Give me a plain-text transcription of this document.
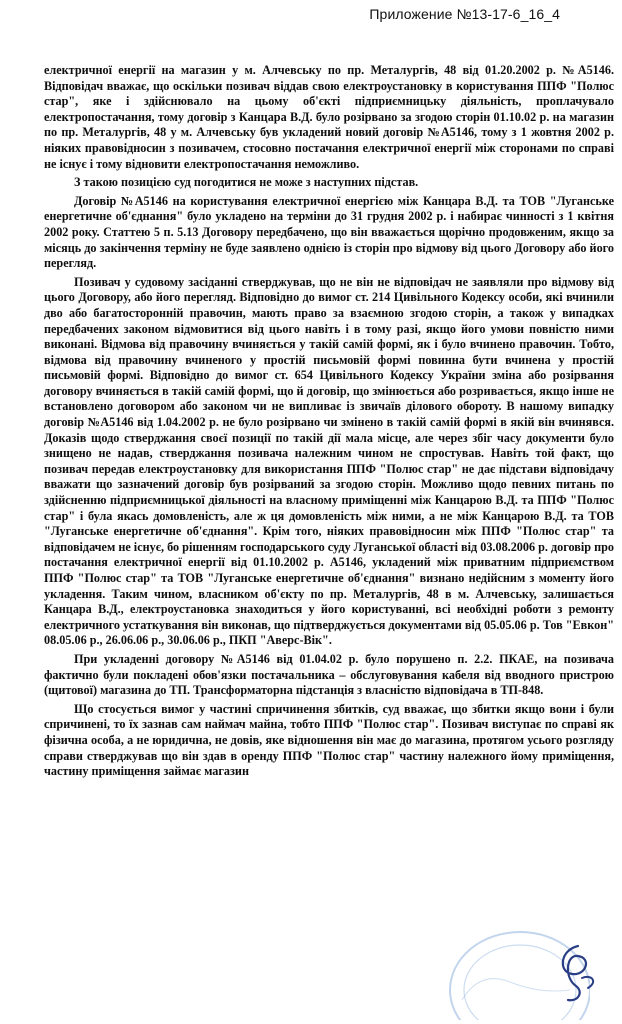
Приложение №13-17-6_16_4

електричної енергії на магазин у м. Алчевську по пр. Металургів, 48 від 01.20.2002 р. №А5146. Відповідач вважає, що оскільки позивач віддав свою електроустановку в користування ППФ "Полюс стар", яке і здійснювало на цьому об'єкті підприємницьку діяльність, проплачувало електропостачання, тому договір з Канцара В.Д. було розірвано за згодою сторін 01.10.02 р. на магазин по пр. Металургів, 48 у м. Алчевську був укладений новий договір №А5146, тому з 1 жовтня 2002 р. ніяких правовідносин з позивачем, стосовно постачання електричної енергії між сторонами по справі не існує і тому відновити електропостачання неможливо.

З такою позицією суд погодитися не може з наступних підстав.

Договір №А5146 на користування електричної енергією між Канцара В.Д. та ТОВ "Луганське енергетичне об'єднання" було укладено на терміни до 31 грудня 2002 р. і набирає чинності з 1 квітня 2002 року. Статтею 5 п. 5.13 Договору передбачено, що він вважається щорічно продовженим, якщо за місяць до закінчення терміну не буде заявлено однією із сторін про відмову від цього Договору або його перегляд.

Позивач у судовому засіданні стверджував, що не він не відповідач не заявляли про відмову від цього Договору, або його перегляд. Відповідно до вимог ст. 214 Цивільного Кодексу особи, які вчинили дво або багатосторонній правочин, мають право за взаємною згодою сторін, а також у випадках передбачених законом відмовитися від цього навіть і в тому разі, якщо його умови повністю ними виконані. Відмова від правочину вчиняється у такій самій формі, як і було вчинено правочин. Тобто, відмова від правочину вчиненого у простій письмовій формі повинна бути вчинена у простій письмовій формі. Відповідно до вимог ст. 654 Цивільного Кодексу України зміна або розірвання договору вчиняється в такій самій формі, що й договір, що змінюється або розривається, якщо інше не встановлено договором або законом чи не випливає із звичаїв ділового обороту. В нашому випадку договір №А5146 від 1.04.2002 р. не було розірвано чи змінено в такій самій формі в якій він вчинявся. Доказів щодо стверджання своєї позиції по такій дії мала місце, але через збіг часу документи було знищено не надав, стверджання позивача належним чином не спростував. Навіть той факт, що позивач передав електроустановку для використання ППФ "Полюс стар" не дає підстави відповідачу вважати що зазначений договір був розірваний за згодою сторін. Можливо щодо певних питань по здійсненню підприємницької діяльності на власному приміщенні між Канцарою В.Д. та ППФ "Полюс стар" і була якась домовленість, але ж ця домовленість між ними, а не між Канцарою В.Д. та ТОВ "Луганське енергетичне об'єднання". Крім того, ніяких правовідносин між ППФ "Полюс стар" та відповідачем не існує, бо рішенням господарського суду Луганської області від 03.08.2006 р. договір про постачання електричної енергії від 01.10.2002 р. А5146, укладений між приватним підприємством ППФ "Полюс стар" та ТОВ "Луганське енергетичне об'єднання" визнано недійсним з моменту його укладення. Таким чином, власником об'єкту по пр. Металургів, 48 в м. Алчевську, залишається Канцара В.Д., електроустановка знаходиться у його користуванні, всі необхідні роботи з ремонту електричного устаткування він виконав, що підтверджується документами від 05.05.06 р. Тов "Евкон" 08.05.06 р., 26.06.06 р., 30.06.06 р., ПКП "Аверс-Вік".

При укладенні договору №А5146 від 01.04.02 р. було порушено п. 2.2. ПКАЕ, на позивача фактично були покладені обов'язки постачальника – обслуговування кабеля від вводного пристрою (щитової) магазина до ТП. Трансформаторна підстанція з власністю відповідача в ТП-848.

Що стосується вимог у частині спричинення збитків, суд вважає, що збитки якщо вони і були спричинені, то їх зазнав сам наймач майна, тобто ППФ "Полюс стар". Позивач виступає по справі як фізична особа, а не юридична, не довів, яке відношення він має до магазина, протягом усього розгляду справи стверджував що він здав в оренду ППФ "Полюс стар" частину належного йому приміщення, частину приміщення займає магазин
